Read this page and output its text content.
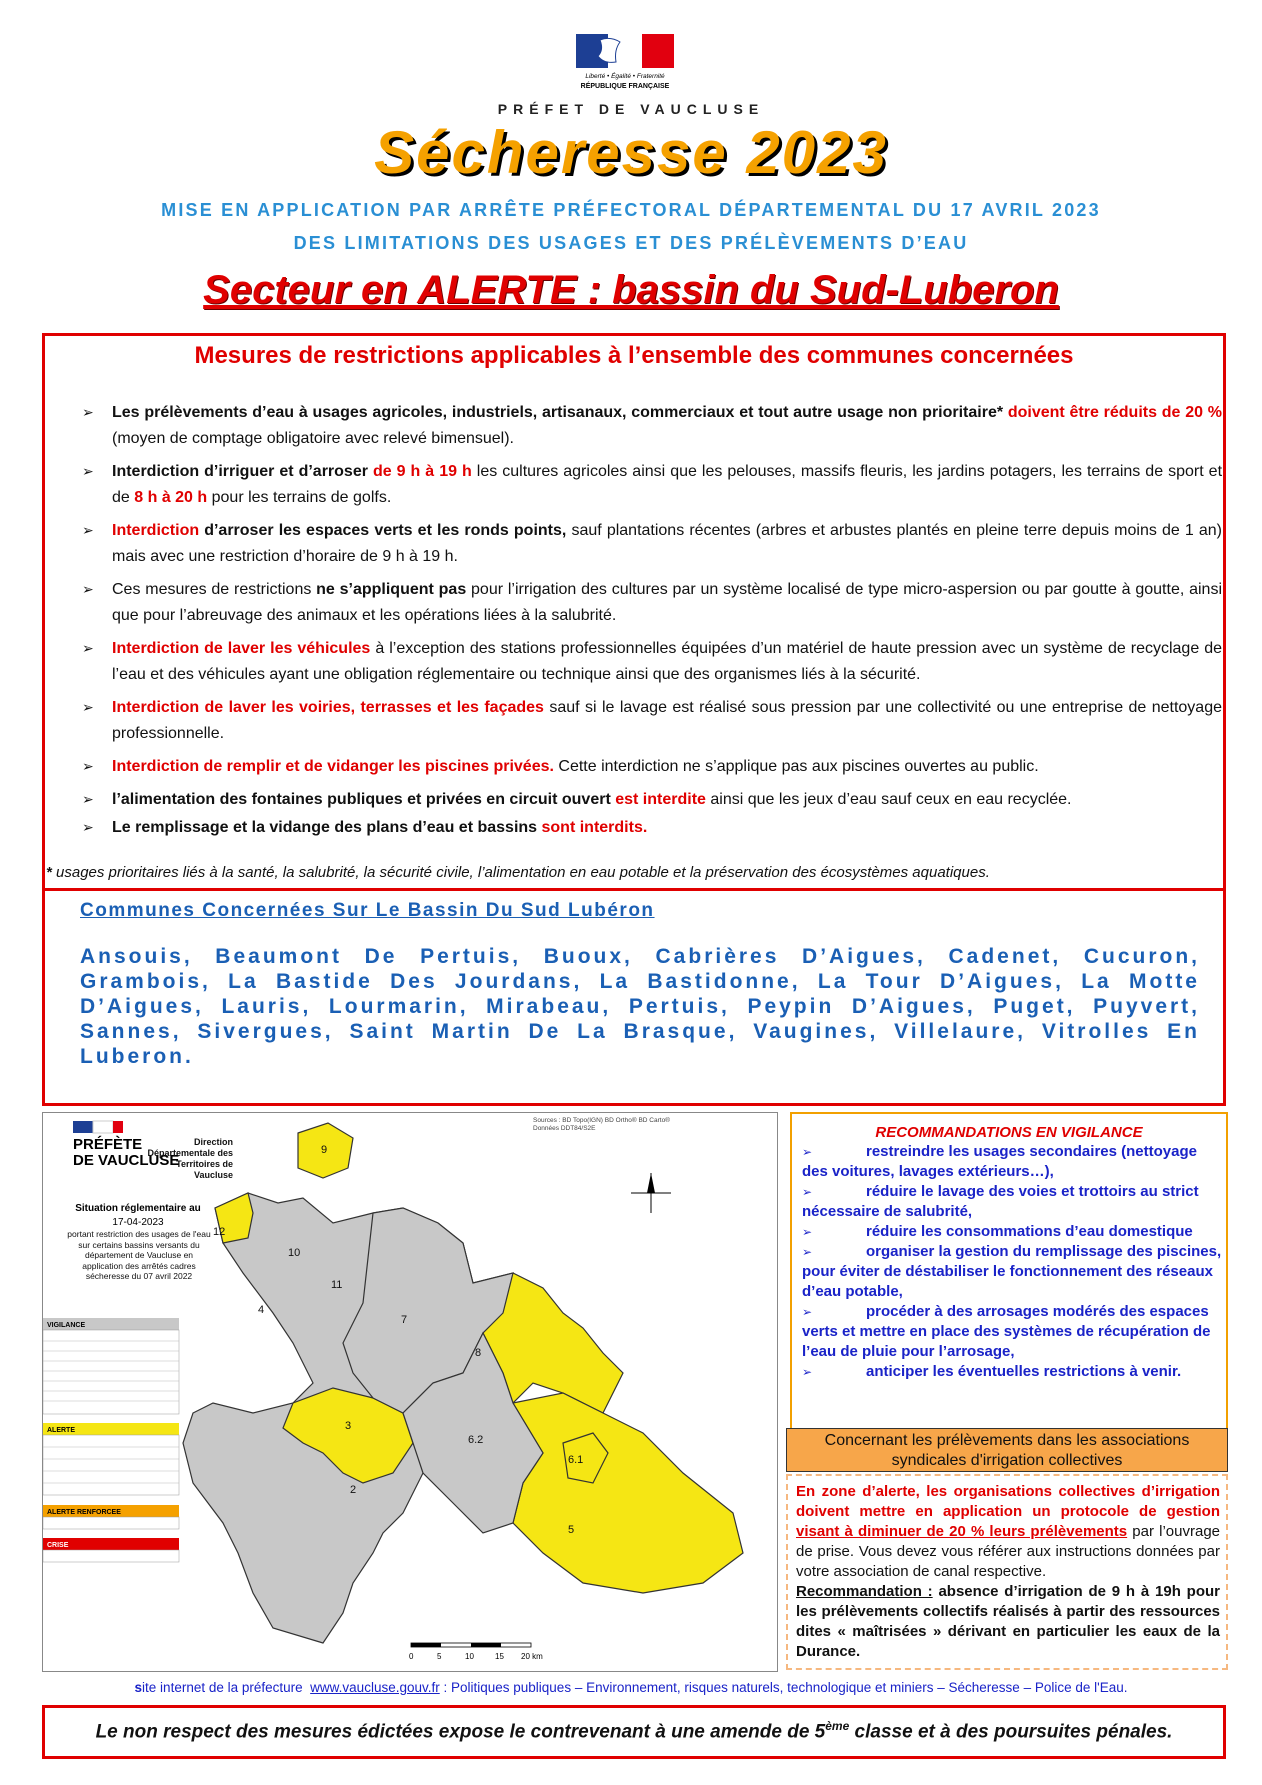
Liberté • Égalité • Fraternité
RÉPUBLIQUE FRANÇAISE
PRÉFET DE VAUCLUSE
Sécheresse 2023
MISE EN APPLICATION PAR ARRÊTE PRÉFECTORAL DÉPARTEMENTAL DU 17 AVRIL 2023
DES LIMITATIONS DES USAGES ET DES PRÉLÈVEMENTS D’EAU
Secteur en ALERTE : bassin du Sud-Luberon
Mesures de restrictions applicables à l’ensemble des communes concernées
➢ Les prélèvements d’eau à usages agricoles, industriels, artisanaux, commerciaux et tout autre usage non prioritaire* doivent être réduits de 20 % (moyen de comptage obligatoire avec relevé bimensuel).
➢ Interdiction d’irriguer et d’arroser de 9 h à 19 h les cultures agricoles ainsi que les pelouses, massifs fleuris, les jardins potagers, les terrains de sport et de 8 h à 20 h pour les terrains de golfs.
➢ Interdiction d’arroser les espaces verts et les ronds points, sauf plantations récentes (arbres et arbustes plantés en pleine terre depuis moins de 1 an) mais avec une restriction d’horaire de 9 h à 19 h.
➢ Ces mesures de restrictions ne s’appliquent pas pour l’irrigation des cultures par un système localisé de type micro-aspersion ou par goutte à goutte, ainsi que pour l’abreuvage des animaux et les opérations liées à la salubrité.
➢ Interdiction de laver les véhicules à l’exception des stations professionnelles équipées d’un matériel de haute pression avec un système de recyclage de l’eau et des véhicules ayant une obligation réglementaire ou technique ainsi que des organismes liés à la sécurité.
➢ Interdiction de laver les voiries, terrasses et les façades sauf si le lavage est réalisé sous pression par une collectivité ou une entreprise de nettoyage professionnelle.
➢ Interdiction de remplir et de vidanger les piscines privées. Cette interdiction ne s’applique pas aux piscines ouvertes au public.
➢ l’alimentation des fontaines publiques et privées en circuit ouvert est interdite ainsi que les jeux d’eau sauf ceux en eau recyclée.
➢ Le remplissage et la vidange des plans d’eau et bassins sont interdits.
* usages prioritaires liés à la santé, la salubrité, la sécurité civile, l’alimentation en eau potable et la préservation des écosystèmes aquatiques.
Communes Concernées Sur Le Bassin Du Sud Lubéron
Ansouis, Beaumont De Pertuis, Buoux, Cabrières D’Aigues, Cadenet, Cucuron, Grambois, La Bastide Des Jourdans, La Bastidonne, La Tour D’Aigues, La Motte D’Aigues, Lauris, Lourmarin, Mirabeau, Pertuis, Peypin D’Aigues, Puget, Puyvert, Sannes, Sivergues, Saint Martin De La Brasque, Vaugines, Villelaure, Vitrolles En Luberon.
PRÉFÈTE
DE VAUCLUSE
Direction Départementale des Territoires de Vaucluse
Situation réglementaire au
17-04-2023
portant restriction des usages de l'eau sur certains bassins versants du département de Vaucluse en application des arrêtés cadres sécheresse du 07 avril 2022
VIGILANCE
ALERTE
ALERTE RENFORCEE
CRISE
9
12
10
11
4
7
8
3
6.2
6.1
2
5
Sources : BD Topo(IGN) BD Ortho® BD Carto® Données DDT84/S2E
0	5	10	15 20 km
RECOMMANDATIONS EN VIGILANCE
➢	restreindre les usages secondaires (nettoyage des voitures, lavages extérieurs…),
➢	réduire le lavage des voies et trottoirs au strict nécessaire de salubrité,
➢	réduire les consommations d’eau domestique
➢	organiser la gestion du remplissage des piscines, pour éviter de déstabiliser le fonctionnement des réseaux d’eau potable,
➢	procéder à des arrosages modérés des espaces verts et mettre en place des systèmes de récupération de l’eau de pluie pour l’arrosage,
➢	anticiper les éventuelles restrictions à venir.
Concernant les prélèvements dans les associations syndicales d'irrigation collectives
En zone d’alerte, les organisations collectives d’irrigation doivent mettre en application un protocole de gestion visant à diminuer de 20 % leurs prélèvements par l’ouvrage de prise. Vous devez vous référer aux instructions données par votre association de canal respective.
Recommandation : absence d’irrigation de 9 h à 19h pour les prélèvements collectifs réalisés à partir des ressources dites « maîtrisées » dérivant en particulier les eaux de la Durance.
site internet de la préfecture www.vaucluse.gouv.fr : Politiques publiques – Environnement, risques naturels, technologique et miniers – Sécheresse – Police de l'Eau.
Le non respect des mesures édictées expose le contrevenant à une amende de 5ème classe et à des poursuites pénales.
